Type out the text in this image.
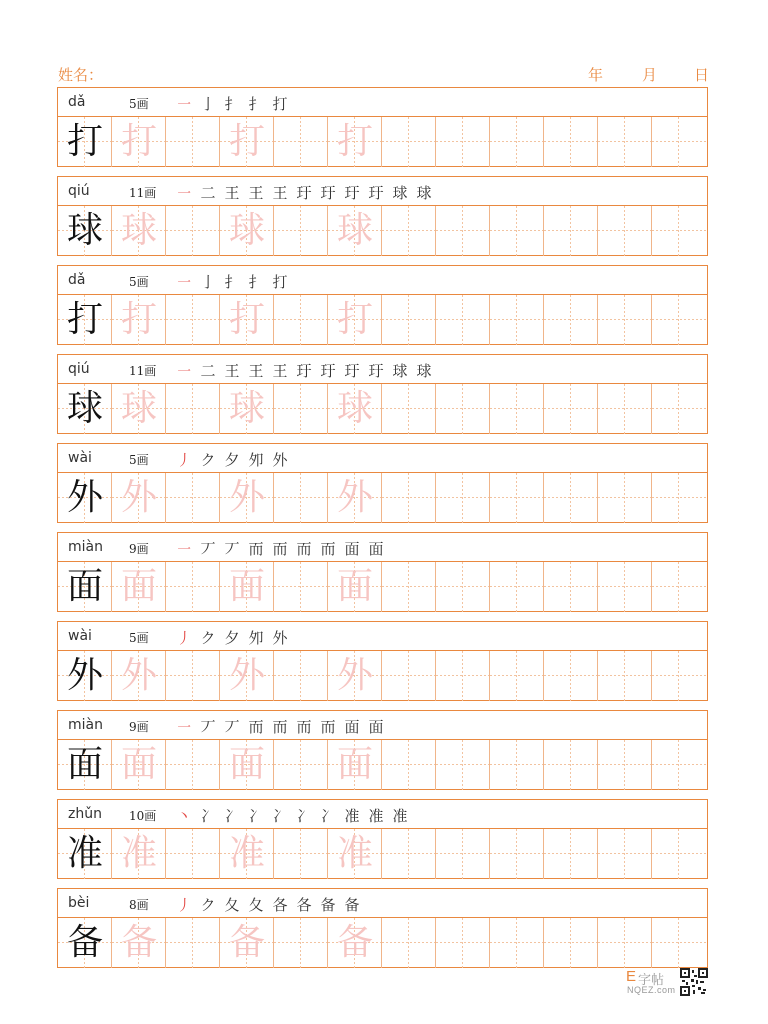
姓名：	年	月 日
dǎ	5画 ㇐ 亅 扌 扌 打
打 打 打 打
qiú	11画 ㇐ 二 王 王 王 玗 玗 玗 玗 球 球
球 球 球 球
dǎ	5画 ㇐ 亅 扌 扌 打
打 打 打 打
qiú	11画 ㇐ 二 王 王 王 玗 玗 玗 玗 球 球
球 球 球 球
wài	5画 丿 ク 夕 夘 外
外 外 外 外
miàn 9画 ㇐ 丆 丆 而 而 而 而 面 面
面 面 面 面
wài	5画 丿 ク 夕 夘 外
外 外 外 外
miàn 9画 ㇐ 丆 丆 而 而 而 而 面 面
面 面 面 面
zhǔn 10画 丶 冫 冫 冫 冫 冫 冫 准 准 准
准 准 准 准
bèi	8画 丿 ク 夂 夂 各 各 备 备
备 备 备 备
E 字帖
NQEZ.com
